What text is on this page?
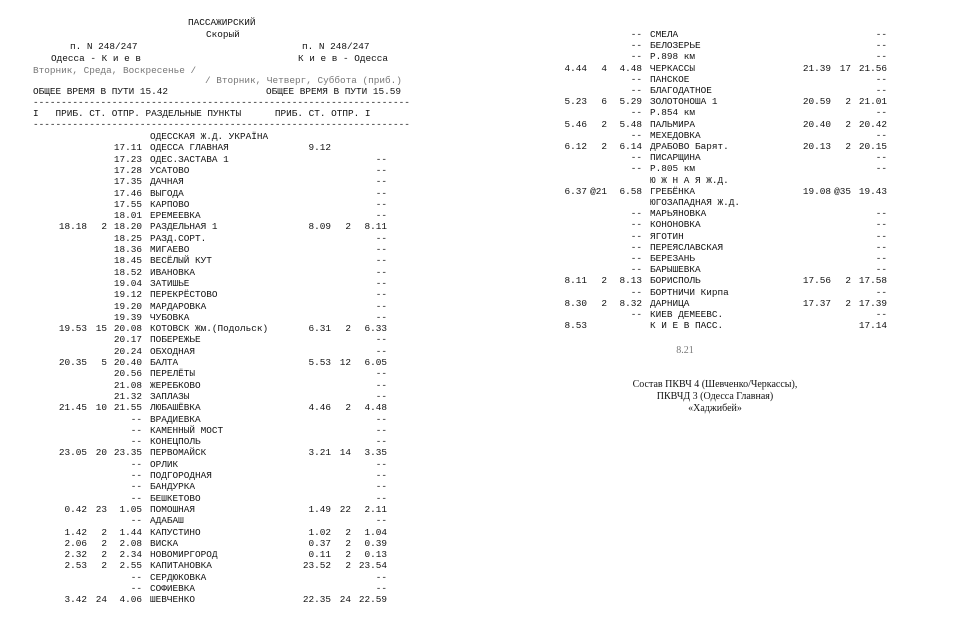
ПАССАЖИРСКИЙ

Скорый

п. N 248/247

	п. N 248/247

Одесса - К и е в

	К и е в - Одесса

Вторник, Среда, Воскресенье /

/ Вторник, Четверг, Суббота (приб.)

ОБЩЕЕ ВРЕМЯ В ПУТИ 15.42

	ОБЩЕЕ ВРЕМЯ В ПУТИ 15.59

-------------------------------------------------------------------

I   ПРИБ. СТ. ОТПР. РАЗДЕЛЬНЫЕ ПУНКТЫ      ПРИБ. СТ. ОТПР. I

-------------------------------------------------------------------

ОДЕССКАЯ Ж.Д. УКРАЇНА
17.11 ОДЕССА ГЛАВНАЯ	9.12
17.23 ОДЕС.ЗАСТАВА 1	--
17.28 УСАТОВО	--
17.35 ДАЧНАЯ	--
17.46 ВЫГОДА	--
17.55 КАРПОВО	--
18.01 ЕРЕМЕЕВКА	--
18.18	2 18.20 РАЗДЕЛЬНАЯ 1	8.09	2	8.11
18.25 РАЗД.СОРТ.	--
18.36 МИГАЕВО	--
18.45 ВЕСЁЛЫЙ КУТ	--
18.52 ИВАНОВКА	--
19.04 ЗАТИШЬЕ	--
19.12 ПЕРЕКРЁСТОВО	--
19.20 МАРДАРОВКА	--
19.39 ЧУБОВКА	--
19.53 15 20.08 КОТОВСК Жм.(Подольск)	6.31	2	6.33
20.17 ПОБЕРЕЖЬЕ	--
20.24 ОБХОДНАЯ	--
20.35	5 20.40 БАЛТА	5.53 12	6.05
20.56 ПЕРЕЛЁТЫ	--
21.08 ЖЕРЕБКОВО	--
21.32 ЗАПЛАЗЫ	--
21.45 10 21.55 ЛЮБАШЁВКА	4.46	2	4.48
-- ВРАДИЕВКА	--
-- КАМЕННЫЙ МОСТ	--
-- КОНЕЦПОЛЬ	--
23.05 20 23.35 ПЕРВОМАЙСК	3.21 14	3.35
-- ОРЛИК	--
-- ПОДГОРОДНАЯ	--
-- БАНДУРКА	--
-- БЕШКЕТОВО	--
0.42 23	1.05 ПОМОШНАЯ	1.49 22	2.11
-- АДАБАШ	--
1.42	2	1.44 КАПУСТИНО	1.02	2	1.04
2.06	2	2.08 ВИСКА	0.37	2	0.39
2.32	2	2.34 НОВОМИРГОРОД	0.11	2	0.13
2.53	2	2.55 КАПИТАНОВКА	23.52	2 23.54
-- СЕРДЮКОВКА	--
-- СОФИЕВКА	--
3.42 24	4.06 ШЕВЧЕНКО	22.35 24 22.59
-- СМЕЛА	--
-- БЕЛОЗЕРЬЕ	--
-- Р.898 км	--
4.44	4	4.48 ЧЕРКАССЫ	21.39 17 21.56
-- ПАНСКОЕ	--
-- БЛАГОДАТНОЕ	--
5.23	6	5.29 ЗОЛОТОНОША 1	20.59	2 21.01
-- Р.854 км	--
5.46	2	5.48 ПАЛЬМИРА	20.40	2 20.42
-- МЕХЕДОВКА	--
6.12	2	6.14 ДРАБОВО Барят.	20.13	2 20.15
-- ПИСАРЩИНА	--
-- Р.805 км	--
Ю Ж Н А Я Ж.Д.
6.37 @21	6.58 ГРЕБЁНКА	19.08 @35 19.43
ЮГОЗАПАДНАЯ Ж.Д.
-- МАРЬЯНОВКА	--
-- КОНОНОВКА	--
-- ЯГОТИН	--
-- ПЕРЕЯСЛАВСКАЯ	--
-- БЕРЕЗАНЬ	--
-- БАРЫШЕВКА	--
8.11	2	8.13 БОРИСПОЛЬ	17.56	2 17.58
-- БОРТНИЧИ Кирпа	--
8.30	2	8.32 ДАРНИЦА	17.37	2 17.39
-- КИЕВ ДЕМЕЕВС.	--
8.53	К И Е В ПАСС.	17.14
8.21
Состав ПКВЧ 4 (Шевченко/Черкассы),
ПКВЧД 3 (Одесса Главная)
«Хаджибей»
